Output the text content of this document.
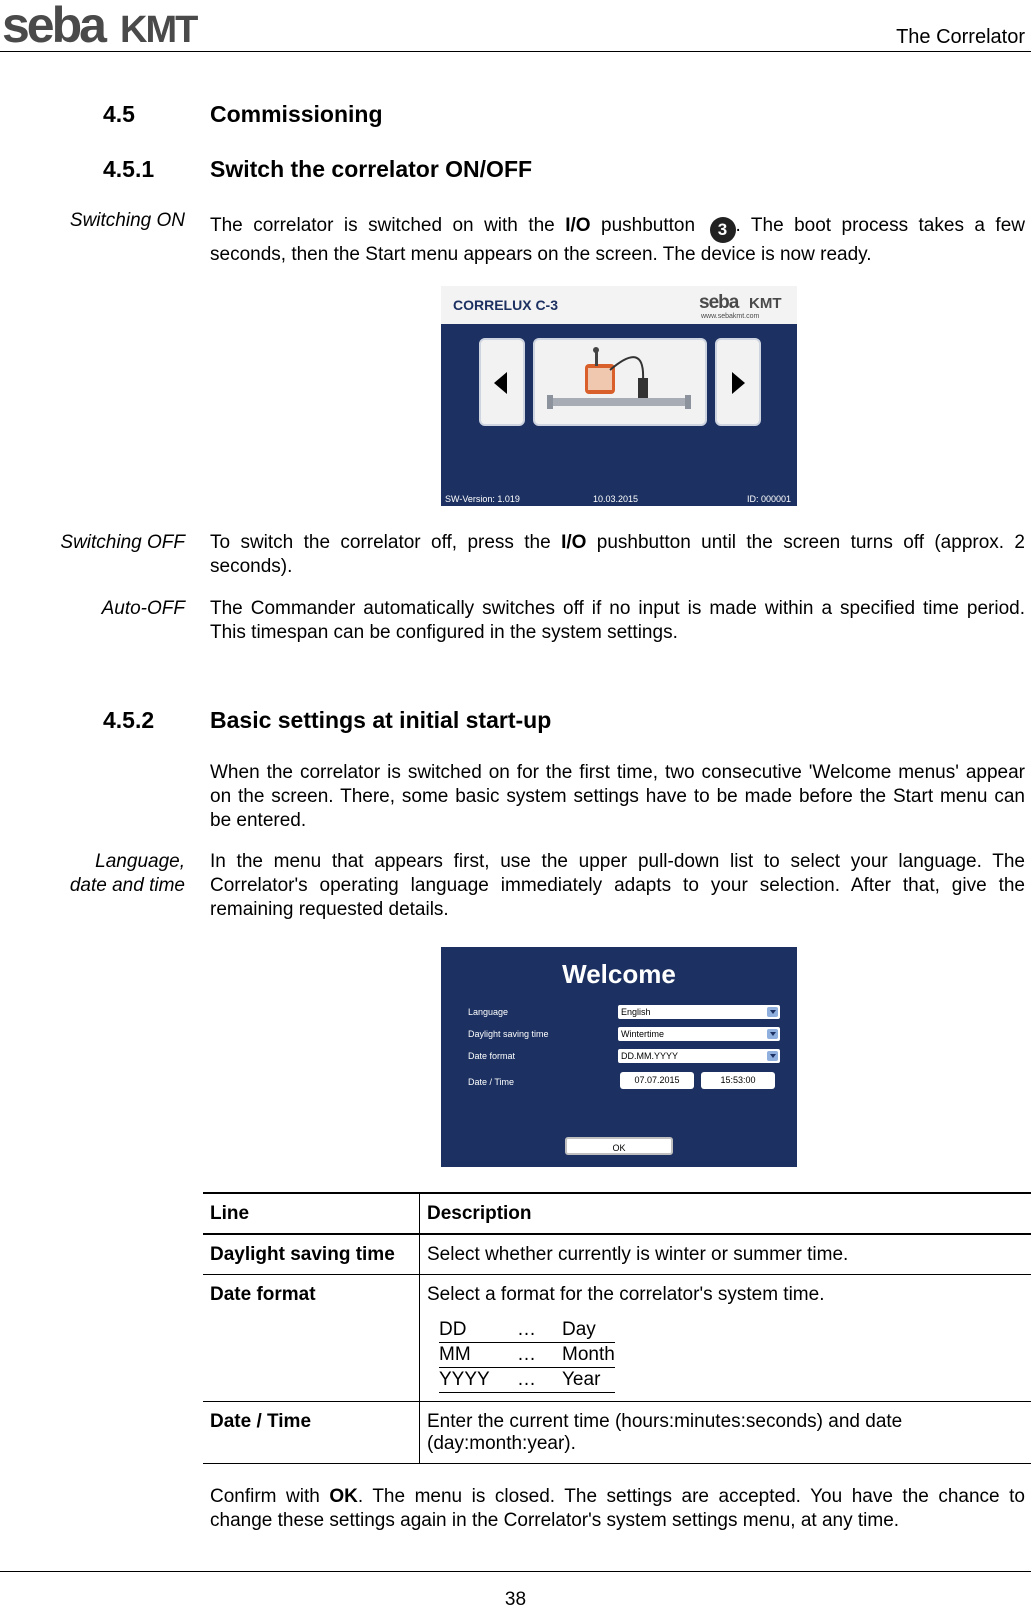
seba KMT	The Correlator
4.5	Commissioning
4.5.1 Switch the correlator ON/OFF
Switching ON The correlator is switched on with the I/O pushbutton 3 . The boot process takes a few seconds, then the Start menu appears on the screen. The device is now ready.
CORRELUX C-3	seba KMT
www.sebakmt.com
SW-Version: 1.019	10.03.2015	ID: 000001
Switching OFF To switch the correlator off, press the I/O pushbutton until the screen turns off (approx. 2 seconds).
Auto-OFF The Commander automatically switches off if no input is made within a specified time period. This timespan can be configured in the system settings.
4.5.2 Basic settings at initial start-up
When the correlator is switched on for the first time, two consecutive 'Welcome menus' appear on the screen. There, some basic system settings have to be made before the Start menu can be entered.
Language,
date and time
In the menu that appears first, use the upper pull-down list to select your language. The Correlator's operating language immediately adapts to your selection. After that, give the remaining requested details.
Welcome
Language	English
Daylight saving time	Wintertime
Date format	DD.MM.YYYY
Date / Time	07.07.2015	15:53:00
OK
Line	Description
Daylight saving time	Select whether currently is winter or summer time.
Date format	Select a format for the correlator's system time.
DD	…	Day
MM	…	Month
YYYY	…	Year

Date / Time	Enter the current time (hours:minutes:seconds) and date (day:month:year).
Confirm with OK. The menu is closed. The settings are accepted. You have the chance to change these settings again in the Correlator's system settings menu, at any time.
38
